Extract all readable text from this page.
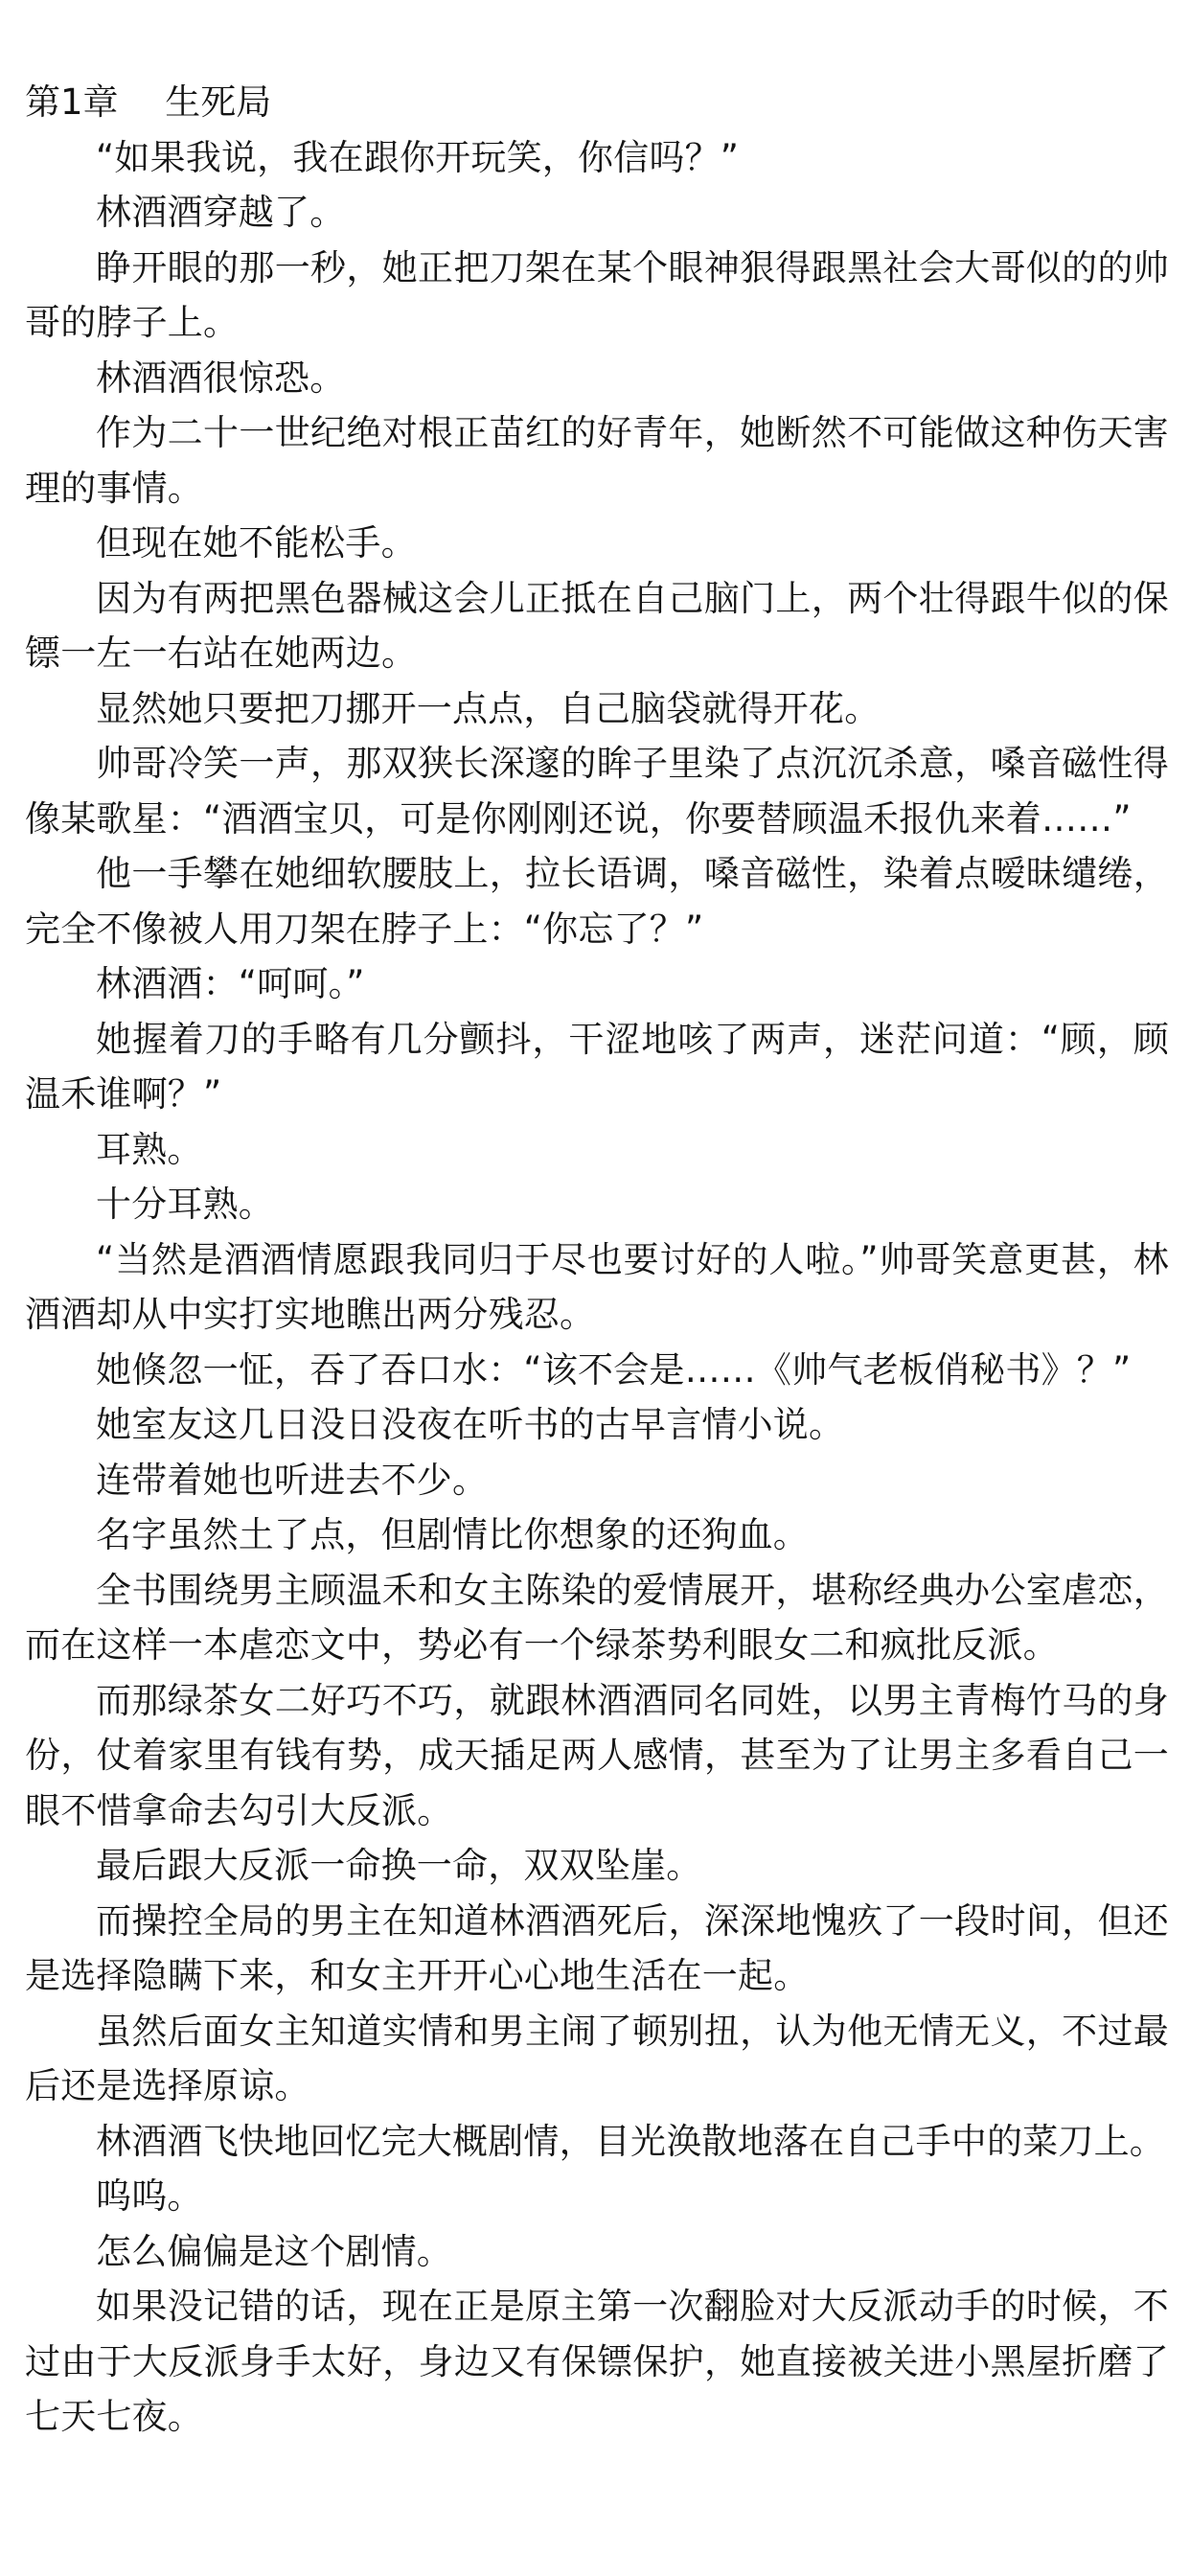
第1章　 生死局

“如果我说，我在跟你开玩笑，你信吗？”

林酒酒穿越了。

睁开眼的那一秒，她正把刀架在某个眼神狠得跟黑社会大哥似的的帅哥的脖子上。

林酒酒很惊恐。

作为二十一世纪绝对根正苗红的好青年，她断然不可能做这种伤天害理的事情。

但现在她不能松手。

因为有两把黑色器械这会儿正抵在自己脑门上，两个壮得跟牛似的保镖一左一右站在她两边。

显然她只要把刀挪开一点点，自己脑袋就得开花。

帅哥冷笑一声，那双狭长深邃的眸子里染了点沉沉杀意，嗓音磁性得像某歌星：“酒酒宝贝，可是你刚刚还说，你要替顾温禾报仇来着……”

他一手攀在她细软腰肢上，拉长语调，嗓音磁性，染着点暧昧缱绻，完全不像被人用刀架在脖子上：“你忘了？”

林酒酒：“呵呵。”

她握着刀的手略有几分颤抖，干涩地咳了两声，迷茫问道：“顾，顾温禾谁啊？”

耳熟。

十分耳熟。

“当然是酒酒情愿跟我同归于尽也要讨好的人啦。”帅哥笑意更甚，林酒酒却从中实打实地瞧出两分残忍。

她倏忽一怔，吞了吞口水：“该不会是……《帅气老板俏秘书》？”

她室友这几日没日没夜在听书的古早言情小说。

连带着她也听进去不少。

名字虽然土了点，但剧情比你想象的还狗血。

全书围绕男主顾温禾和女主陈染的爱情展开，堪称经典办公室虐恋，而在这样一本虐恋文中，势必有一个绿茶势利眼女二和疯批反派。

而那绿茶女二好巧不巧，就跟林酒酒同名同姓，以男主青梅竹马的身份，仗着家里有钱有势，成天插足两人感情，甚至为了让男主多看自己一眼不惜拿命去勾引大反派。

最后跟大反派一命换一命，双双坠崖。

而操控全局的男主在知道林酒酒死后，深深地愧疚了一段时间，但还是选择隐瞒下来，和女主开开心心地生活在一起。

虽然后面女主知道实情和男主闹了顿别扭，认为他无情无义，不过最后还是选择原谅。

林酒酒飞快地回忆完大概剧情，目光涣散地落在自己手中的菜刀上。

呜呜。

怎么偏偏是这个剧情。

如果没记错的话，现在正是原主第一次翻脸对大反派动手的时候，不过由于大反派身手太好，身边又有保镖保护，她直接被关进小黑屋折磨了七天七夜。
